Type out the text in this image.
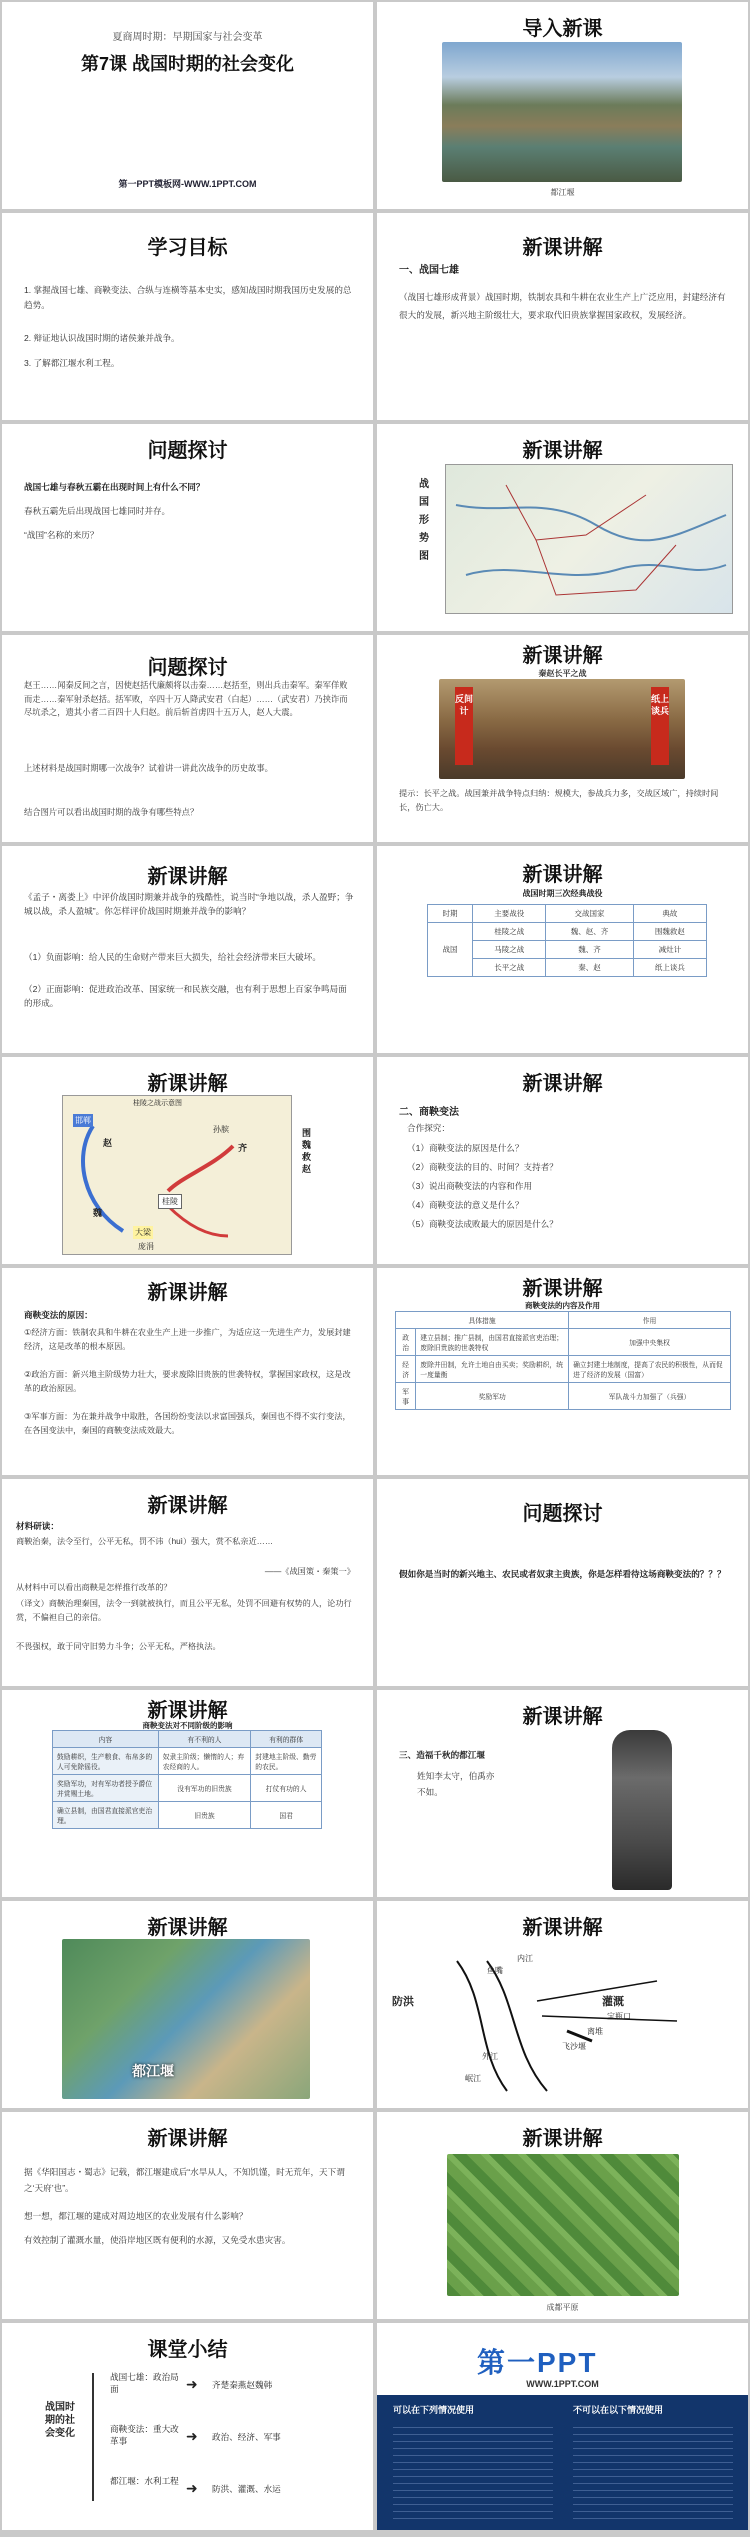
夏商周时期：早期国家与社会变革
第7课 战国时期的社会变化
第一PPT模板网-WWW.1PPT.COM
导入新课
都江堰
学习目标
1. 掌握战国七雄、商鞅变法、合纵与连横等基本史实，感知战国时期我国历史发展的总趋势。
2. 辩证地认识战国时期的诸侯兼并战争。
3. 了解都江堰水利工程。
新课讲解
一、战国七雄
（战国七雄形成背景）战国时期，铁制农具和牛耕在农业生产上广泛应用，封建经济有很大的发展，新兴地主阶级壮大，要求取代旧贵族掌握国家政权，发展经济。
问题探讨
战国七雄与春秋五霸在出现时间上有什么不同？
春秋五霸先后出现战国七雄同时并存。
“战国”名称的来历？
新课讲解
战国形势图
问题探讨
赵王……闻秦反间之言，因使赵括代廉颇将以击秦……赵括至，则出兵击秦军。秦军佯败而走……秦军射杀赵括。括军败，卒四十万人降武安君（白起）……（武安君）乃挟诈而尽坑杀之，遗其小者二百四十人归赵。前后斩首虏四十五万人，赵人大震。
上述材料是战国时期哪一次战争？试着讲一讲此次战争的历史故事。
结合图片可以看出战国时期的战争有哪些特点？
新课讲解
秦赵长平之战
反间计
纸上谈兵
提示：长平之战。战国兼并战争特点归纳：规模大，参战兵力多，交战区域广，持续时间长，伤亡大。
新课讲解
《孟子・离娄上》中评价战国时期兼并战争的残酷性，说当时“争地以战，杀人盈野；争城以战，杀人盈城”。你怎样评价战国时期兼并战争的影响？
（1）负面影响：给人民的生命财产带来巨大损失，给社会经济带来巨大破坏。
（2）正面影响：促进政治改革、国家统一和民族交融，也有利于思想上百家争鸣局面的形成。
新课讲解
战国时期三次经典战役
时期	主要战役	交战国家	典故
战国	桂陵之战	魏、赵、齐	围魏救赵
	马陵之战	魏、齐	减灶计
	长平之战	秦、赵	纸上谈兵
新课讲解
桂陵之战示意图
邯郸
赵
孙膑
齐
桂陵
魏
大梁
庞涓
围魏救赵
新课讲解
二、商鞅变法
合作探究：
（1）商鞅变法的原因是什么？
（2）商鞅变法的目的、时间？支持者？
（3）说出商鞅变法的内容和作用
（4）商鞅变法的意义是什么？
（5）商鞅变法成败最大的原因是什么？
新课讲解
商鞅变法的原因：
①经济方面：铁制农具和牛耕在农业生产上进一步推广，为适应这一先进生产力，发展封建经济，这是改革的根本原因。
②政治方面：新兴地主阶级势力壮大，要求废除旧贵族的世袭特权，掌握国家政权，这是改革的政治原因。
③军事方面：为在兼并战争中取胜，各国纷纷变法以求富国强兵，秦国也不得不实行变法，在各国变法中，秦国的商鞅变法成效最大。
新课讲解
商鞅变法的内容及作用
具体措施		作用
政治	建立县制；推广县制，由国君直接派官吏治理；废除旧贵族的世袭特权	加强中央集权
经济	废除井田制，允许土地自由买卖；奖励耕织，统一度量衡	确立封建土地制度，提高了农民的积极性，从而促进了经济的发展（国富）
军事	奖励军功	军队战斗力加强了（兵强）
新课讲解
材料研读：
商鞅治秦，法令至行，公平无私，罚不讳（huì）强大，赏不私亲近……
——《战国策・秦策一》
从材料中可以看出商鞅是怎样推行改革的？
（译文）商鞅治理秦国，法令一到就被执行，而且公平无私，处罚不回避有权势的人，论功行赏，不偏袒自己的亲信。
不畏强权，敢于同守旧势力斗争；公平无私，严格执法。
问题探讨
假如你是当时的新兴地主、农民或者奴隶主贵族，你是怎样看待这场商鞅变法的？？？
新课讲解
商鞅变法对不同阶级的影响
内容	有不利的人	有利的群体
鼓励耕织，生产粮食、布帛多的人可免除徭役。	奴隶主阶级；懒惰的人；弃农经商的人。	封建地主阶级、勤劳的农民。
奖励军功，对有军功者授予爵位并赏赐土地。	没有军功的旧贵族	打仗有功的人
确立县制，由国君直接派官吏治理。	旧贵族	国君
新课讲解
三、造福千秋的都江堰
姓知李太守，伯禹亦不如。
新课讲解
都江堰
新课讲解
鱼嘴
内江
外江
飞沙堰
宝瓶口
灌溉
防洪
离堆
岷江
新课讲解
据《华阳国志・蜀志》记载，都江堰建成后“水旱从人，不知饥馑，时无荒年，天下谓之‘天府’也”。
想一想，都江堰的建成对周边地区的农业发展有什么影响？
有效控制了灌溉水量，使沿岸地区既有便利的水源，又免受水患灾害。
新课讲解
成都平原
课堂小结
战国时期的社会变化
战国七雄：政治局面	➜ 齐楚秦燕赵魏韩
商鞅变法：重大改革事	➜ 政治、经济、军事
都江堰：水利工程 ➜ 防洪、灌溉、水运
第一PPT
WWW.1PPT.COM
可以在下列情况使用	不可以在以下情况使用
